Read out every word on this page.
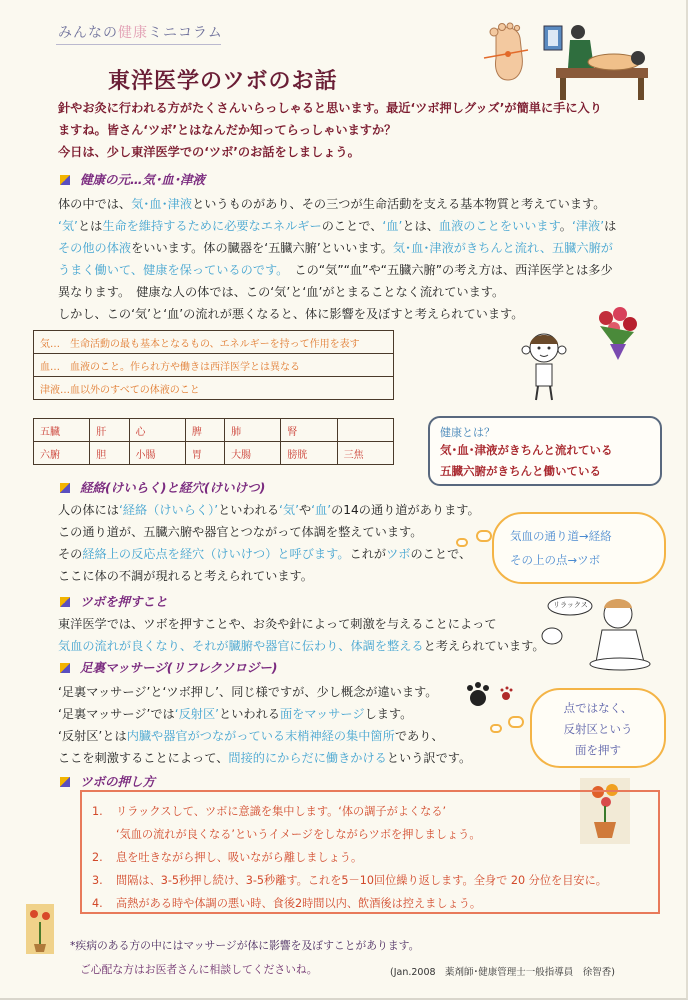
みんなの健康ミニコラム
東洋医学のツボのお話
針やお灸に行われる方がたくさんいらっしゃると思います。最近‘ツボ押しグッズ’が簡単に手に入り
ますね。皆さん‘ツボ’とはなんだか知ってらっしゃいますか？
今日は、少し東洋医学での‘ツボ’のお話をしましょう。
健康の元…気･血･津液
体の中では、気･血･津液というものがあり、その三つが生命活動を支える基本物質と考えています。
‘気’とは生命を維持するために必要なエネルギーのことで、‘血’とは、血液のことをいいます。‘津液’は
その他の体液をいいます。体の臓器を‘五臓六腑’といいます。気･血･津液がきちんと流れ、五臓六腑が
うまく働いて、健康を保っているのです。　この“気”“血”や“五臓六腑”の考え方は、西洋医学とは多少
異なります。　健康な人の体では、この‘気’と‘血’がとまることなく流れています。
しかし、この‘気’と‘血’の流れが悪くなると、体に影響を及ぼすと考えられています。
気…　生命活動の最も基本となるもの、エネルギーを持って作用を表す						
血…　血液のこと。作られ方や働きは西洋医学とは異なる						
津液…血以外のすべての体液のこと						

五臓	肝	心	脾	肺	腎	
六腑	胆	小腸	胃	大腸	膀胱	三焦
健康とは？
気･血･津液がきちんと流れている
五臓六腑がきちんと働いている
経絡(けいらく)と経穴(けいけつ)
人の体には‘経絡（けいらく）’といわれる‘気’や‘血’の14の通り道があります。
この通り道が、五臓六腑や器官とつながって体調を整えています。
その経絡上の反応点を経穴（けいけつ）と呼びます。これがツボのことで、
ここに体の不調が現れると考えられています。
気血の通り道→経絡
その上の点→ツボ
ツボを押すこと
東洋医学では、ツボを押すことや、お灸や針によって刺激を与えることによって
気血の流れが良くなり、それが臓腑や器官に伝わり、体調を整えると考えられています。
リラックス
足裏マッサージ(リフレクソロジー)
‘足裏マッサージ’と‘ツボ押し’、同じ様ですが、少し概念が違います。
‘足裏マッサージ’では‘反射区’といわれる面をマッサージします。
‘反射区’とは内臓や器官がつながっている末梢神経の集中箇所であり、
ここを刺激することによって、間接的にからだに働きかけるという訳です。
点ではなく、
反射区という
面を押す
ツボの押し方
1. リラックスして、ツボに意識を集中します。‘体の調子がよくなる’
‘気血の流れが良くなる’というイメージをしながらツボを押しましょう。
2. 息を吐きながら押し、吸いながら離しましょう。
3. 間隔は、3-5秒押し続け、3-5秒離す。これを5－10回位繰り返します。全身で 20 分位を目安に。
4. 高熱がある時や体調の悪い時、食後2時間以内、飲酒後は控えましょう。
*疾病のある方の中にはマッサージが体に影響を及ぼすことがあります。
ご心配な方はお医者さんに相談してくださいね。	(Jan.2008　薬剤師･健康管理士一般指導員　徐智香)
